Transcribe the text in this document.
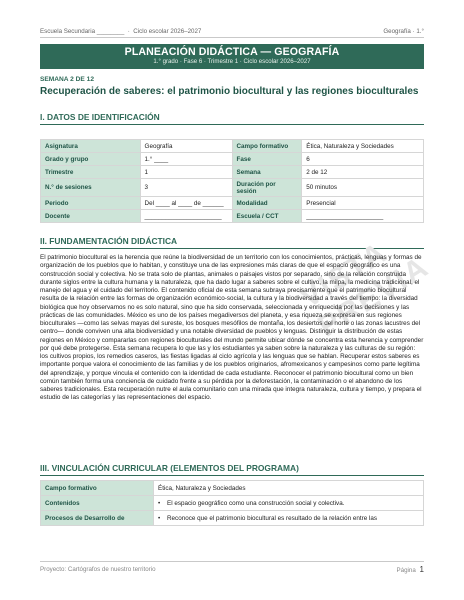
Escuela Secundaria ________ · Ciclo escolar 2026–2027	Geografía · 1.°
PLANEACIÓN DIDÁCTICA — GEOGRAFÍA
1.° grado · Fase 6 · Trimestre 1 · Ciclo escolar 2026–2027
SEMANA 2 DE 12
Recuperación de saberes: el patrimonio biocultural y las regiones bioculturales
I. DATOS DE IDENTIFICACIÓN
Asignatura	Geografía	Campo formativo	Ética, Naturaleza y Sociedades
Grado y grupo	1.° ____	Fase	6
Trimestre	1	Semana	2 de 12
N.° de sesiones	3	Duración por sesión	50 minutos
Periodo	Del ____ al ____ de ______	Modalidad	Presencial
Docente	______________________	Escuela / CCT	______________________
II. FUNDAMENTACIÓN DIDÁCTICA	VISTA PREVIA

El patrimonio biocultural es la herencia que reúne la biodiversidad de un territorio con los conocimientos, prácticas, lenguas y formas de organización de los pueblos que lo habitan, y constituye una de las expresiones más claras de que el espacio geográfico es una construcción social y colectiva. No se trata solo de plantas, animales o paisajes vistos por separado, sino de la relación construida durante siglos entre la cultura humana y la naturaleza, que ha dado lugar a saberes sobre el cultivo, la milpa, la medicina tradicional, el manejo del agua y el cuidado del territorio. El contenido oficial de esta semana subraya precisamente que el patrimonio biocultural resulta de la relación entre las formas de organización económico-social, la cultura y la biodiversidad a través del tiempo: la diversidad biológica que hoy observamos no es solo natural, sino que ha sido conservada, seleccionada y enriquecida por las decisiones y las prácticas de las comunidades. México es uno de los países megadiversos del planeta, y esa riqueza se expresa en sus regiones bioculturales —como las selvas mayas del sureste, los bosques mesófilos de montaña, los desiertos del norte o las zonas lacustres del centro— donde conviven una alta biodiversidad y una notable diversidad de pueblos y lenguas. Distinguir la distribución de estas regiones en México y compararlas con regiones bioculturales del mundo permite ubicar dónde se concentra esta herencia y comprender por qué debe protegerse. Esta semana recupera lo que las y los estudiantes ya saben sobre la naturaleza y las culturas de su región: los cultivos propios, los remedios caseros, las fiestas ligadas al ciclo agrícola y las lenguas que se hablan. Recuperar estos saberes es importante porque valora el conocimiento de las familias y de los pueblos originarios, afromexicanos y campesinos como parte legítima del aprendizaje, y porque vincula el contenido con la identidad de cada estudiante. Reconocer el patrimonio biocultural como un bien común también forma una conciencia de cuidado frente a su pérdida por la deforestación, la contaminación o el abandono de los saberes tradicionales. Esta recuperación nutre el aula comunitario con una mirada que integra naturaleza, cultura y tiempo, y prepara el estudio de las categorías y las representaciones del espacio.

III. VINCULACIÓN CURRICULAR (ELEMENTOS DEL PROGRAMA)
Campo formativo	Ética, Naturaleza y Sociedades
Contenidos	• El espacio geográfico como una construcción social y colectiva.
Procesos de Desarrollo de	• Reconoce que el patrimonio biocultural es resultado de la relación entre las
Proyecto: Cartógrafos de nuestro territorio	Página 1
